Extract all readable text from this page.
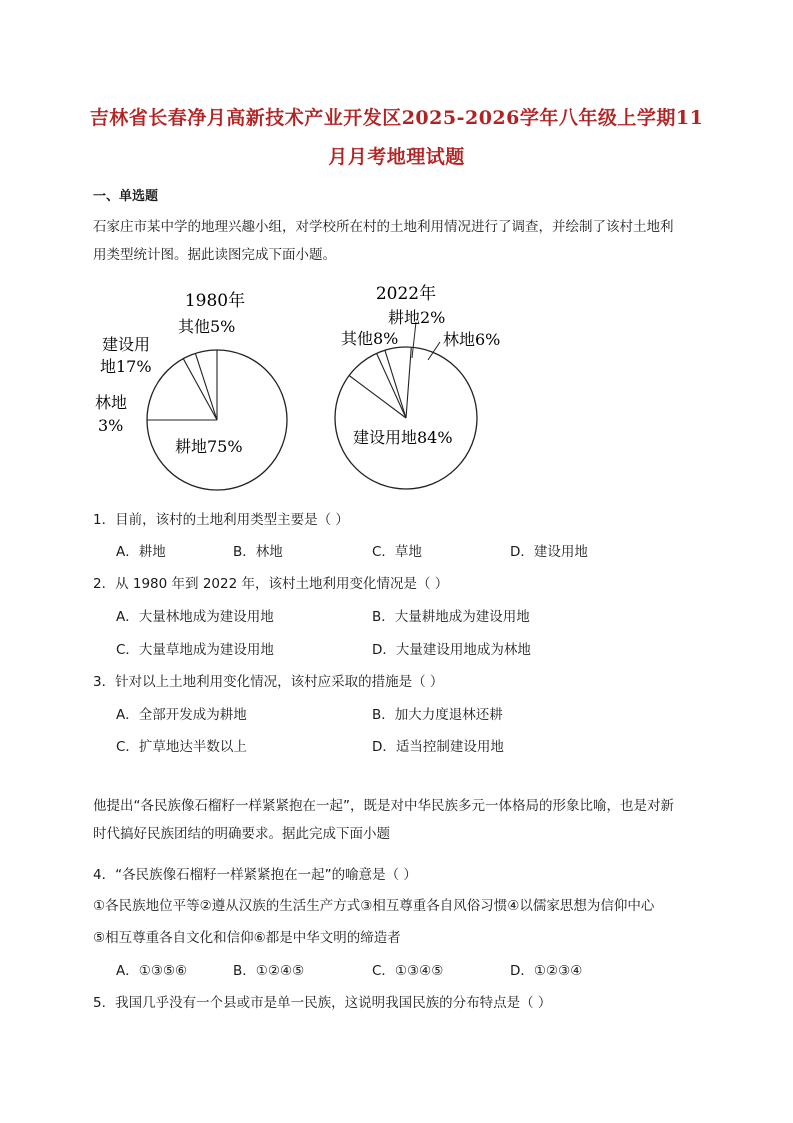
吉林省长春净月高新技术产业开发区2025-2026学年八年级上学期11
月月考地理试题
一、单选题
石家庄市某中学的地理兴趣小组，对学校所在村的土地利用情况进行了调查，并绘制了该村土地利
用类型统计图。据此读图完成下面小题。
1980年
其他5%
建设用
地17%
林地
3%
耕地75%
2022年
其他8%
耕地2%
林地6%
建设用地84%
1．目前，该村的土地利用类型主要是（ ）
A．耕地	B．林地	C．草地	D．建设用地
2．从 1980 年到 2022 年，该村土地利用变化情况是（ ）
A．大量林地成为建设用地	B．大量耕地成为建设用地
C．大量草地成为建设用地	D．大量建设用地成为林地
3．针对以上土地利用变化情况，该村应采取的措施是（ ）
A．全部开发成为耕地	B．加大力度退林还耕
C．扩草地达半数以上	D．适当控制建设用地
他提出“各民族像石榴籽一样紧紧抱在一起”，既是对中华民族多元一体格局的形象比喻，也是对新
时代搞好民族团结的明确要求。据此完成下面小题
4．“各民族像石榴籽一样紧紧抱在一起”的喻意是（ ）
①各民族地位平等②遵从汉族的生活生产方式③相互尊重各自风俗习惯④以儒家思想为信仰中心
⑤相互尊重各自文化和信仰⑥都是中华文明的缔造者
A．①③⑤⑥	B．①②④⑤	C．①③④⑤	D．①②③④
5．我国几乎没有一个县或市是单一民族，这说明我国民族的分布特点是（ ）
